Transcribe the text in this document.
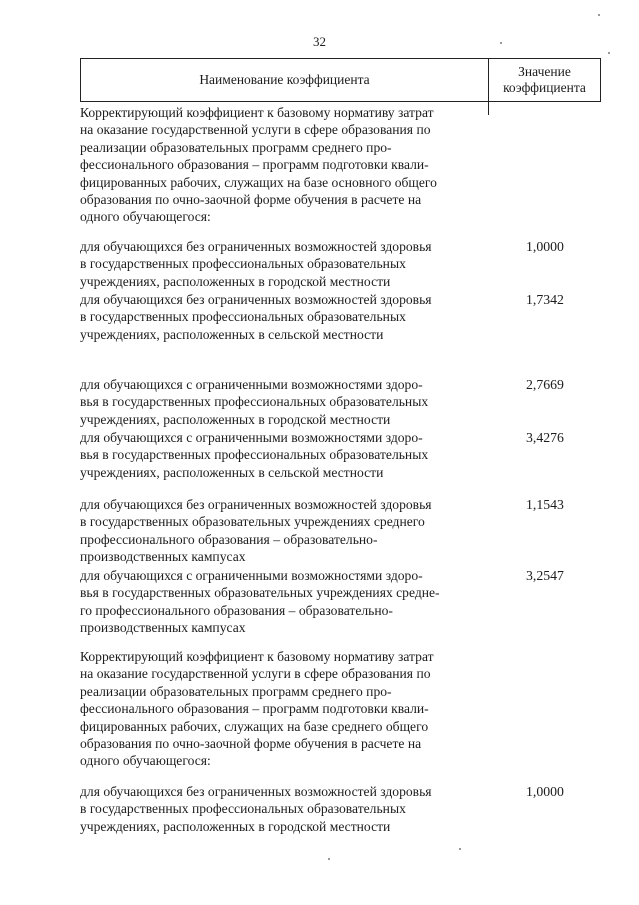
32
Наименование коэффициента
Значение коэффициента
Корректирующий коэффициент к базовому нормативу затрат
на оказание государственной услуги в сфере образования по
реализации образовательных программ среднего про-
фессионального образования – программ подготовки квали-
фицированных рабочих, служащих на базе основного общего
образования по очно-заочной форме обучения в расчете на
одного обучающегося:
для обучающихся без ограниченных возможностей здоровья
в государственных профессиональных образовательных
учреждениях, расположенных в городской местности
1,0000
для обучающихся без ограниченных возможностей здоровья
в государственных профессиональных образовательных
учреждениях, расположенных в сельской местности
1,7342
для обучающихся с ограниченными возможностями здоро-
вья в государственных профессиональных образовательных
учреждениях, расположенных в городской местности
2,7669
для обучающихся с ограниченными возможностями здоро-
вья в государственных профессиональных образовательных
учреждениях, расположенных в сельской местности
3,4276
для обучающихся без ограниченных возможностей здоровья
в государственных образовательных учреждениях среднего
профессионального образования – образовательно-
производственных кампусах
1,1543
для обучающихся с ограниченными возможностями здоро-
вья в государственных образовательных учреждениях средне-
го профессионального образования – образовательно-
производственных кампусах
3,2547
Корректирующий коэффициент к базовому нормативу затрат
на оказание государственной услуги в сфере образования по
реализации образовательных программ среднего про-
фессионального образования – программ подготовки квали-
фицированных рабочих, служащих на базе среднего общего
образования по очно-заочной форме обучения в расчете на
одного обучающегося:
для обучающихся без ограниченных возможностей здоровья
в государственных профессиональных образовательных
учреждениях, расположенных в городской местности
1,0000
